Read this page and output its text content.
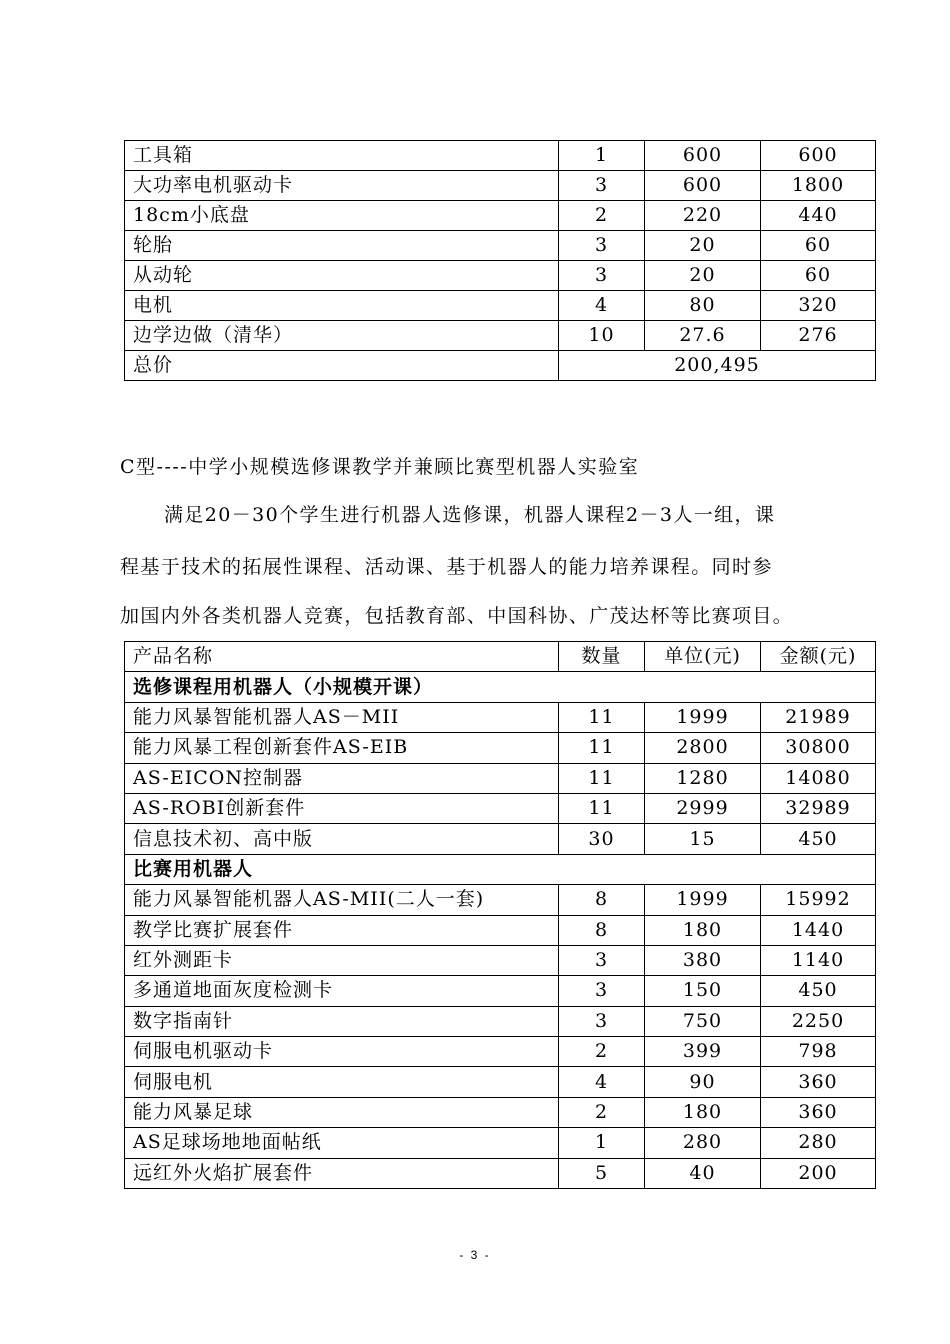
工具箱	1	600	600
大功率电机驱动卡	3	600	1800
18cm小底盘	2	220	440
轮胎	3	20	60
从动轮	3	20	60
电机	4	80	320
边学边做（清华）	10	27.6	276
总价	200,495		
C型----中学小规模选修课教学并兼顾比赛型机器人实验室
满足20－30个学生进行机器人选修课，机器人课程2－3人一组，课
程基于技术的拓展性课程、活动课、基于机器人的能力培养课程。同时参
加国内外各类机器人竞赛，包括教育部、中国科协、广茂达杯等比赛项目。
产品名称	数量	单位(元)	金额(元)
选修课程用机器人（小规模开课）			
能力风暴智能机器人AS－MII	11	1999	21989
能力风暴工程创新套件AS-EIB	11	2800	30800
AS-EICON控制器	11	1280	14080
AS-ROBI创新套件	11	2999	32989
信息技术初、高中版	30	15	450
比赛用机器人			
能力风暴智能机器人AS-MII(二人一套)	8	1999	15992
教学比赛扩展套件	8	180	1440
红外测距卡	3	380	1140
多通道地面灰度检测卡	3	150	450
数字指南针	3	750	2250
伺服电机驱动卡	2	399	798
伺服电机	4	90	360
能力风暴足球	2	180	360
AS足球场地地面帖纸	1	280	280
远红外火焰扩展套件	5	40	200
- 3 -
